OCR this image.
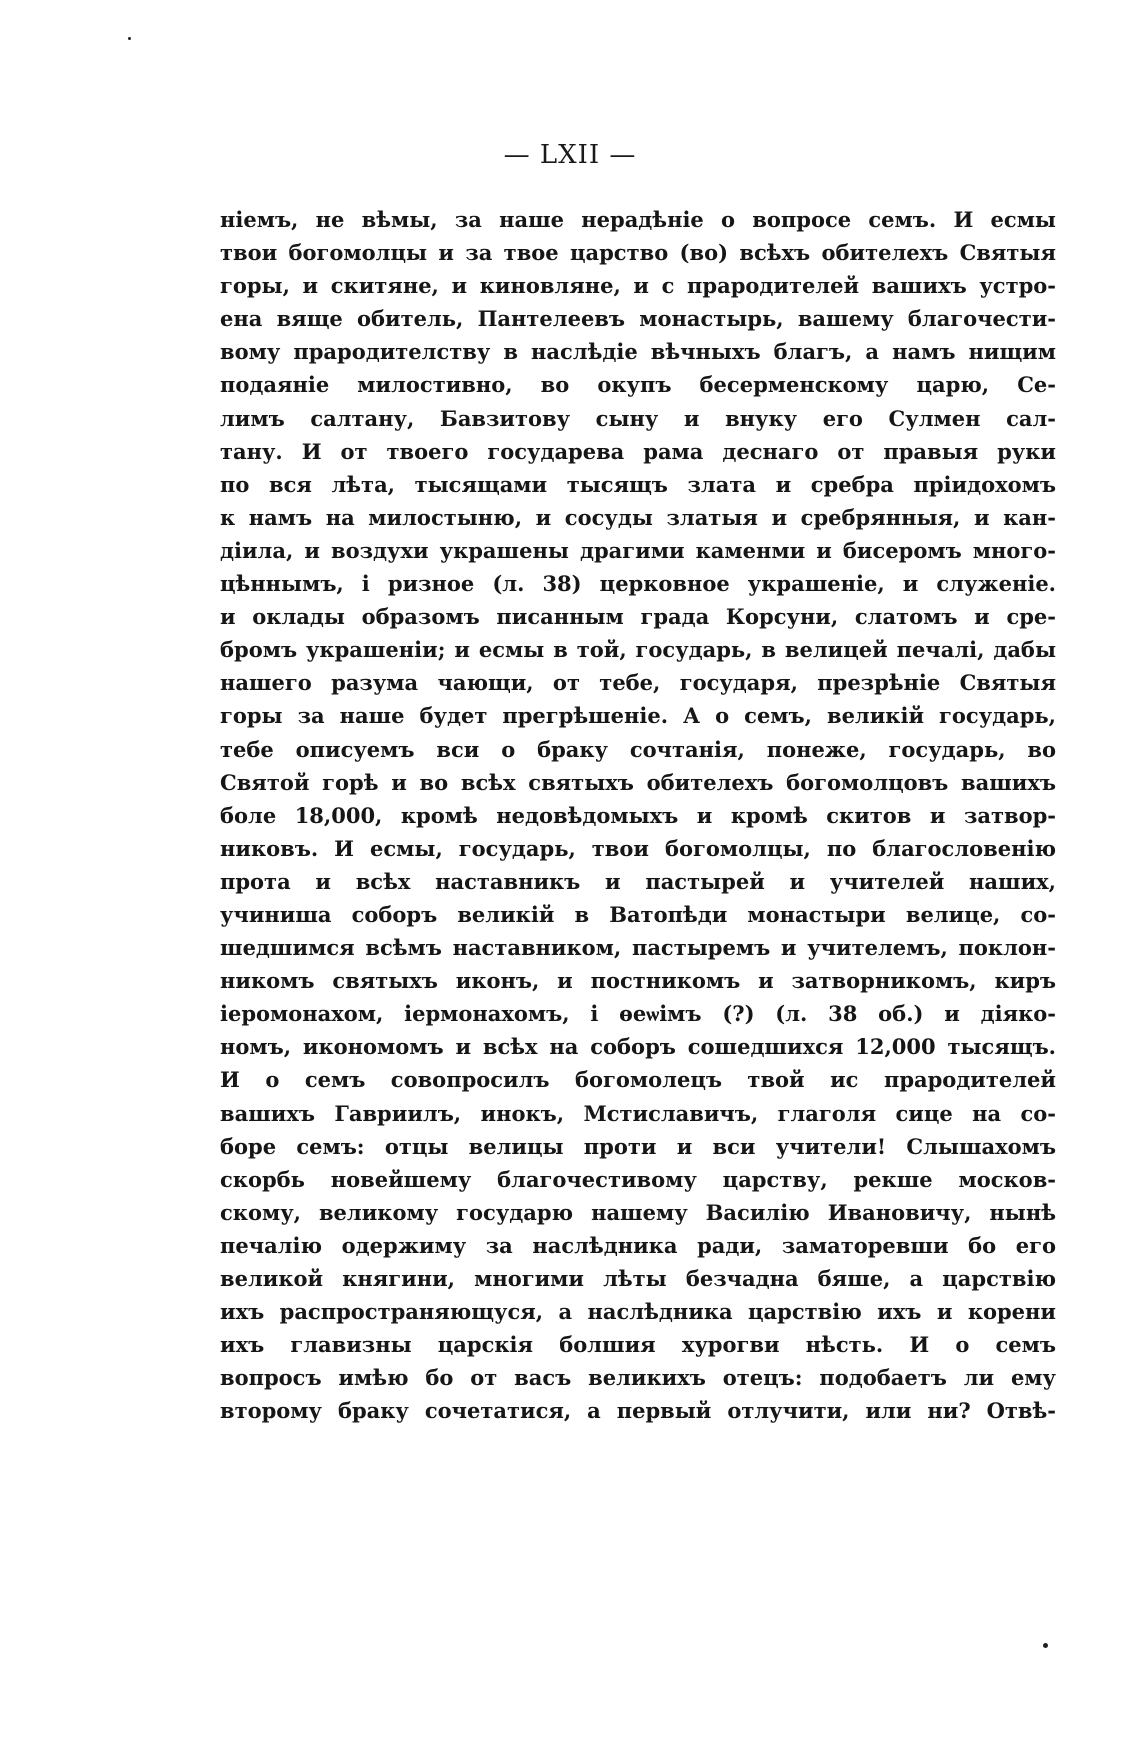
— LXII —
ніемъ, не вѣмы, за наше нерадѣніе о вопросе семъ. И есмы
твои богомолцы и за твое царство (во) всѣхъ обителехъ Святыя
горы, и скитяне, и киновляне, и с прародителей вашихъ устро-
ена вяще обитель, Пантелеевъ монастырь, вашему благочести-
вому прародителству в наслѣдіе вѣчныхъ благъ, а намъ нищим
подаяніе милостивно, во окупъ бесерменскому царю, Се-
лимъ салтану, Бавзитову сыну и внуку его Сулмен сал-
тану. И от твоего государева рама деснаго от правыя руки
по вся лѣта, тысящами тысящъ злата и сребра пріидохомъ
к намъ на милостыню, и сосуды златыя и сребрянныя, и кан-
діила, и воздухи украшены драгими каменми и бисеромъ много-
цѣннымъ, і ризное (л. 38) церковное украшеніе, и служеніе.
и оклады образомъ писанным града Корсуни, слатомъ и сре-
бромъ украшеніи; и есмы в той, государь, в велицей печалі, дабы
нашего разума чающи, от тебе, государя, презрѣніе Святыя
горы за наше будет прегрѣшеніе. А о семъ, великій государь,
тебе описуемъ вси о браку сочтанія, понеже, государь, во
Святой горѣ и во всѣх святыхъ обителехъ богомолцовъ вашихъ
боле 18,000, кромѣ недовѣдомыхъ и кромѣ скитов и затвор-
никовъ. И есмы, государь, твои богомолцы, по благословенію
прота и всѣх наставникъ и пастырей и учителей наших,
учиниша соборъ великій в Ватопѣди монастыри велице, со-
шедшимся всѣмъ наставником, пастыремъ и учителемъ, поклон-
никомъ святыхъ иконъ, и постникомъ и затворникомъ, киръ
іеромонахом, іермонахомъ, і ѳеѡімъ (?) (л. 38 об.) и діяко-
номъ, икономомъ и всѣх на соборъ сошедшихся 12,000 тысящъ.
И о семъ совопросилъ богомолецъ твой ис прародителей
вашихъ Гавриилъ, инокъ, Мстиславичъ, глаголя сице на со-
боре семъ: отцы велицы проти и вси учители! Слышахомъ
скорбь новейшему благочестивому царству, рекше москов-
скому, великому государю нашему Василію Ивановичу, нынѣ
печалію одержиму за наслѣдника ради, заматоревши бо его
великой княгини, многими лѣты безчадна бяше, а царствію
ихъ распространяющуся, а наслѣдника царствію ихъ и корени
ихъ главизны царскія болшия хурогви нѣсть. И о семъ
вопросъ имѣю бо от васъ великихъ отецъ: подобаетъ ли ему
второму браку сочетатися, а первый отлучити, или ни? Отвѣ-
